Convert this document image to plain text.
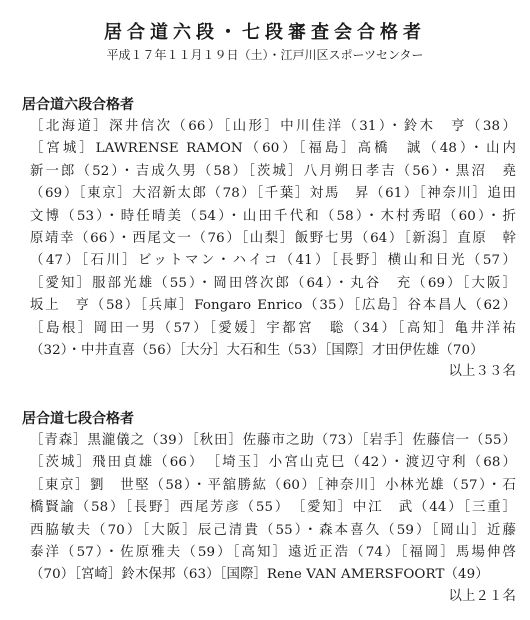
居合道六段・七段審査会合格者
平成１７年１１月１９日（土）・江戸川区スポーツセンター
居合道六段合格者
［北海道］深井信次（66）［山形］中川佳洋（31）・鈴木　亨（38）
［宮城］LAWRENSE RAMON（60）［福島］高橋　誠（48）・山内
新一郎（52）・吉成久男（58）［茨城］八月朔日孝吉（56）・黒沼　堯
（69）［東京］大沼新太郎（78）［千葉］対馬　昇（61）［神奈川］追田
文博（53）・時任晴美（54）・山田千代和（58）・木村秀昭（60）・折
原靖幸（66）・西尾文一（76）［山梨］飯野七男（64）［新潟］直原　幹
（47）［石川］ビットマン・ハイコ（41）［長野］横山和日光（57）
［愛知］服部光雄（55）・岡田啓次郎（64）・丸谷　充（69）［大阪］
坂上　亨（58）［兵庫］Fongaro Enrico（35）［広島］谷本昌人（62）
［島根］岡田一男（57）［愛媛］宇都宮　聡（34）［高知］亀井洋祐
（32）・中井直喜（56）［大分］大石和生（53）［国際］才田伊佐雄（70）
以上３３名
居合道七段合格者
［青森］黒瀧儀之（39）［秋田］佐藤市之助（73）［岩手］佐藤信一（55）
［茨城］飛田貞雄（66）　［埼玉］小宮山克巳（42）・渡辺守利（68）
［東京］劉　世堅（58）・平舘勝紘（60）［神奈川］小林光雄（57）・石
橋賢諭（58）［長野］西尾芳彦（55）　［愛知］中江　武（44）［三重］
西脇敏夫（70）［大阪］辰己清貴（55）・森本喜久（59）［岡山］近藤
泰洋（57）・佐原雅夫（59）［高知］遠近正浩（74）［福岡］馬場伸啓
（70）［宮崎］鈴木保邦（63）［国際］Rene VAN AMERSFOORT（49）
以上２１名
